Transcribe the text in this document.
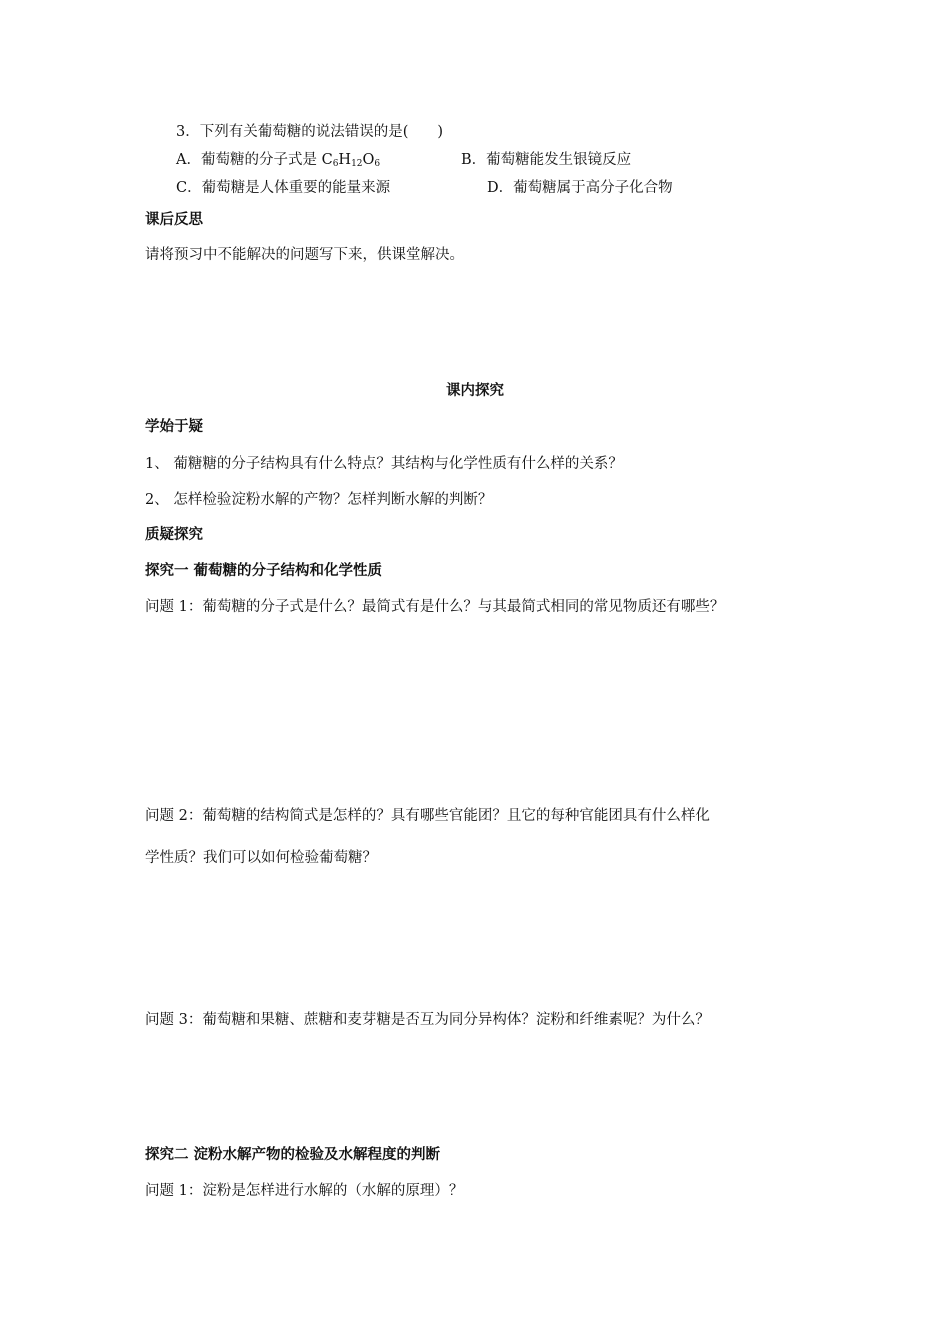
3．下列有关葡萄糖的说法错误的是(　　)
A．葡萄糖的分子式是 $C_6H_{12}O_6$	B．葡萄糖能发生银镜反应
C．葡萄糖是人体重要的能量来源	D．葡萄糖属于高分子化合物
课后反思
请将预习中不能解决的问题写下来，供课堂解决。
课内探究
学始于疑
1、 葡糖糖的分子结构具有什么特点？其结构与化学性质有什么样的关系？
2、 怎样检验淀粉水解的产物？怎样判断水解的判断？
质疑探究
探究一 葡萄糖的分子结构和化学性质
问题 1：葡萄糖的分子式是什么？最简式有是什么？与其最简式相同的常见物质还有哪些？
问题 2：葡萄糖的结构简式是怎样的？具有哪些官能团？且它的每种官能团具有什么样化
学性质？我们可以如何检验葡萄糖？
问题 3：葡萄糖和果糖、蔗糖和麦芽糖是否互为同分异构体？淀粉和纤维素呢？为什么？
探究二 淀粉水解产物的检验及水解程度的判断
问题 1：淀粉是怎样进行水解的（水解的原理）？
